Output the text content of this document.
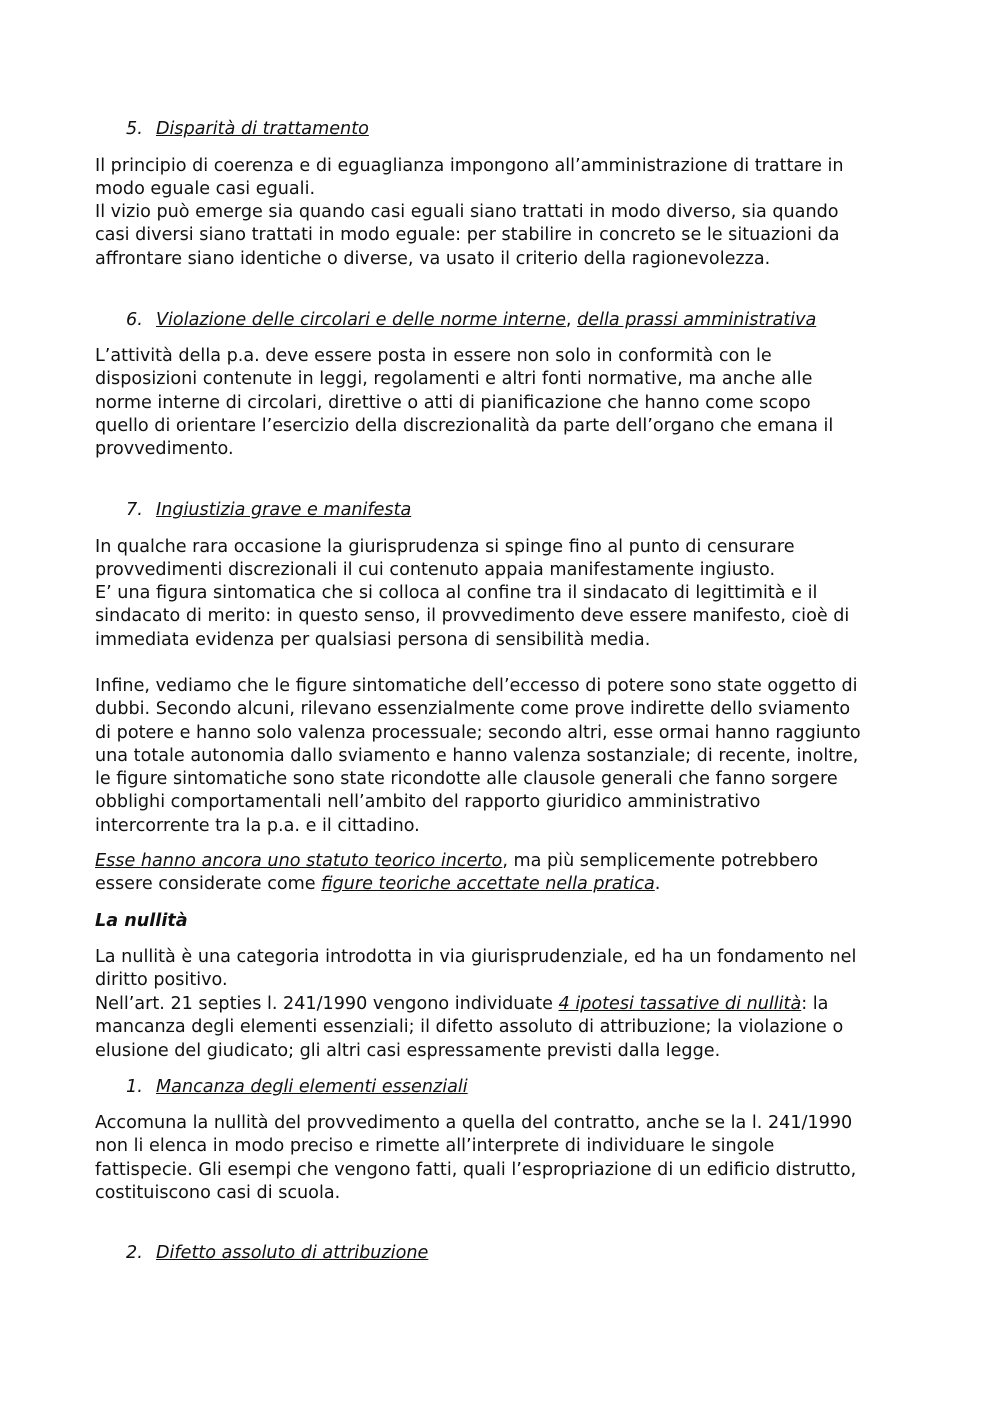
5. Disparità di trattamento
Il principio di coerenza e di eguaglianza impongono all’amministrazione di trattare in
modo eguale casi eguali.
Il vizio può emerge sia quando casi eguali siano trattati in modo diverso, sia quando
casi diversi siano trattati in modo eguale: per stabilire in concreto se le situazioni da
affrontare siano identiche o diverse, va usato il criterio della ragionevolezza.
6. Violazione delle circolari e delle norme interne, della prassi amministrativa
L’attività della p.a. deve essere posta in essere non solo in conformità con le
disposizioni contenute in leggi, regolamenti e altri fonti normative, ma anche alle
norme interne di circolari, direttive o atti di pianificazione che hanno come scopo
quello di orientare l’esercizio della discrezionalità da parte dell’organo che emana il
provvedimento.
7. Ingiustizia grave e manifesta
In qualche rara occasione la giurisprudenza si spinge fino al punto di censurare
provvedimenti discrezionali il cui contenuto appaia manifestamente ingiusto.
E’ una figura sintomatica che si colloca al confine tra il sindacato di legittimità e il
sindacato di merito: in questo senso, il provvedimento deve essere manifesto, cioè di
immediata evidenza per qualsiasi persona di sensibilità media.
Infine, vediamo che le figure sintomatiche dell’eccesso di potere sono state oggetto di
dubbi. Secondo alcuni, rilevano essenzialmente come prove indirette dello sviamento
di potere e hanno solo valenza processuale; secondo altri, esse ormai hanno raggiunto
una totale autonomia dallo sviamento e hanno valenza sostanziale; di recente, inoltre,
le figure sintomatiche sono state ricondotte alle clausole generali che fanno sorgere
obblighi comportamentali nell’ambito del rapporto giuridico amministrativo
intercorrente tra la p.a. e il cittadino.
Esse hanno ancora uno statuto teorico incerto, ma più semplicemente potrebbero
essere considerate come figure teoriche accettate nella pratica.
La nullità
La nullità è una categoria introdotta in via giurisprudenziale, ed ha un fondamento nel
diritto positivo.
Nell’art. 21 septies l. 241/1990 vengono individuate 4 ipotesi tassative di nullità: la
mancanza degli elementi essenziali; il difetto assoluto di attribuzione; la violazione o
elusione del giudicato; gli altri casi espressamente previsti dalla legge.
1. Mancanza degli elementi essenziali
Accomuna la nullità del provvedimento a quella del contratto, anche se la l. 241/1990
non li elenca in modo preciso e rimette all’interprete di individuare le singole
fattispecie. Gli esempi che vengono fatti, quali l’espropriazione di un edificio distrutto,
costituiscono casi di scuola.
2. Difetto assoluto di attribuzione
